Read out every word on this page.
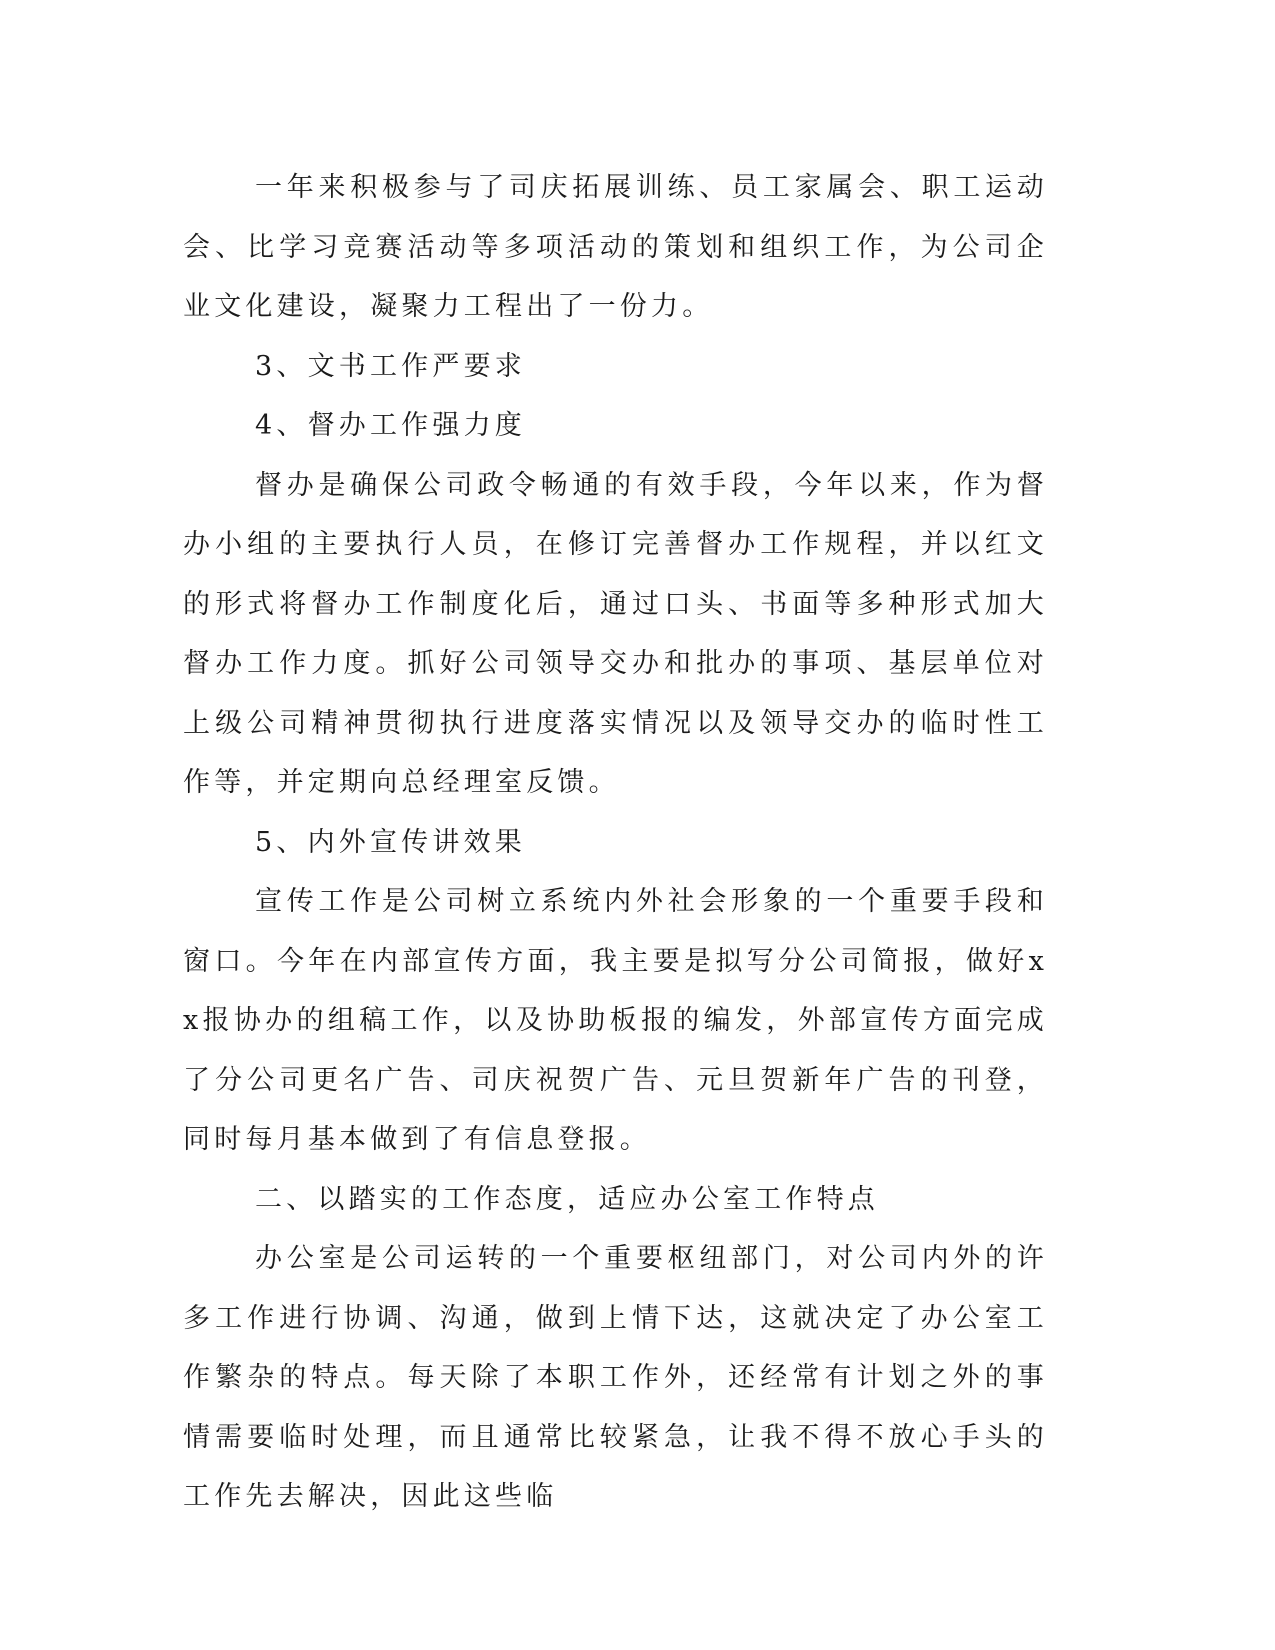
一年来积极参与了司庆拓展训练、员工家属会、职工运动会、比学习竞赛活动等多项活动的策划和组织工作，为公司企业文化建设，凝聚力工程出了一份力。

3、文书工作严要求

4、督办工作强力度

督办是确保公司政令畅通的有效手段，今年以来，作为督办小组的主要执行人员，在修订完善督办工作规程，并以红文的形式将督办工作制度化后，通过口头、书面等多种形式加大督办工作力度。抓好公司领导交办和批办的事项、基层单位对上级公司精神贯彻执行进度落实情况以及领导交办的临时性工作等，并定期向总经理室反馈。

5、内外宣传讲效果

宣传工作是公司树立系统内外社会形象的一个重要手段和窗口。今年在内部宣传方面，我主要是拟写分公司简报，做好xx报协办的组稿工作，以及协助板报的编发，外部宣传方面完成了分公司更名广告、司庆祝贺广告、元旦贺新年广告的刊登，同时每月基本做到了有信息登报。

二、以踏实的工作态度，适应办公室工作特点

办公室是公司运转的一个重要枢纽部门，对公司内外的许多工作进行协调、沟通，做到上情下达，这就决定了办公室工作繁杂的特点。每天除了本职工作外，还经常有计划之外的事情需要临时处理，而且通常比较紧急，让我不得不放心手头的工作先去解决，因此这些临
